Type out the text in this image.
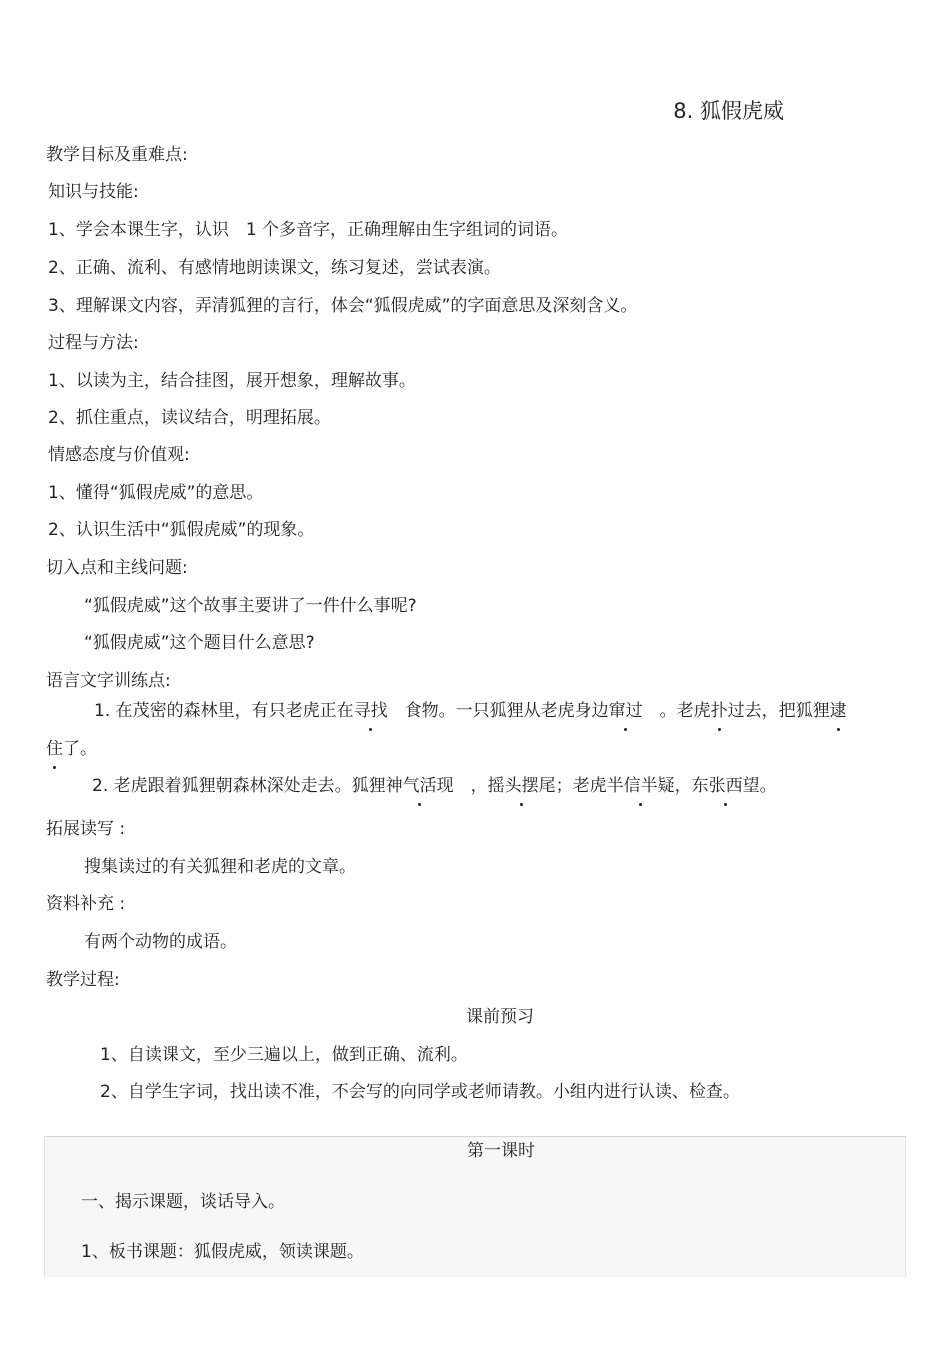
8. 狐假虎威
教学目标及重难点:
知识与技能:
1、学会本课生字，认识　1 个多音字，正确理解由生字组词的词语。
2、正确、流利、有感情地朗读课文，练习复述，尝试表演。
3、理解课文内容，弄清狐狸的言行，体会“狐假虎威”的字面意思及深刻含义。
过程与方法:
1、以读为主，结合挂图，展开想象，理解故事。
2、抓住重点，读议结合，明理拓展。
情感态度与价值观:
1、懂得“狐假虎威”的意思。
2、认识生活中“狐假虎威”的现象。
切入点和主线问题:
“狐假虎威”这个故事主要讲了一件什么事呢?
“狐假虎威”这个题目什么意思?
语言文字训练点:
1. 在茂密的森林里，有只老虎正在寻找　 食物。一只狐狸从老虎身边窜过　 。老虎扑过去，把狐狸逮
住了。
2. 老虎跟着狐狸朝森林深处走去。狐狸神气活现　 ，摇头摆尾；老虎半信半疑，东张西望。
拓展读写 :
搜集读过的有关狐狸和老虎的文章。
资料补充 :
有两个动物的成语。
教学过程:
课前预习
1、自读课文，至少三遍以上，做到正确、流利。
2、自学生字词，找出读不准，不会写的向同学或老师请教。小组内进行认读、检查。
第一课时
一、揭示课题，谈话导入。
1、板书课题：狐假虎威，领读课题。
